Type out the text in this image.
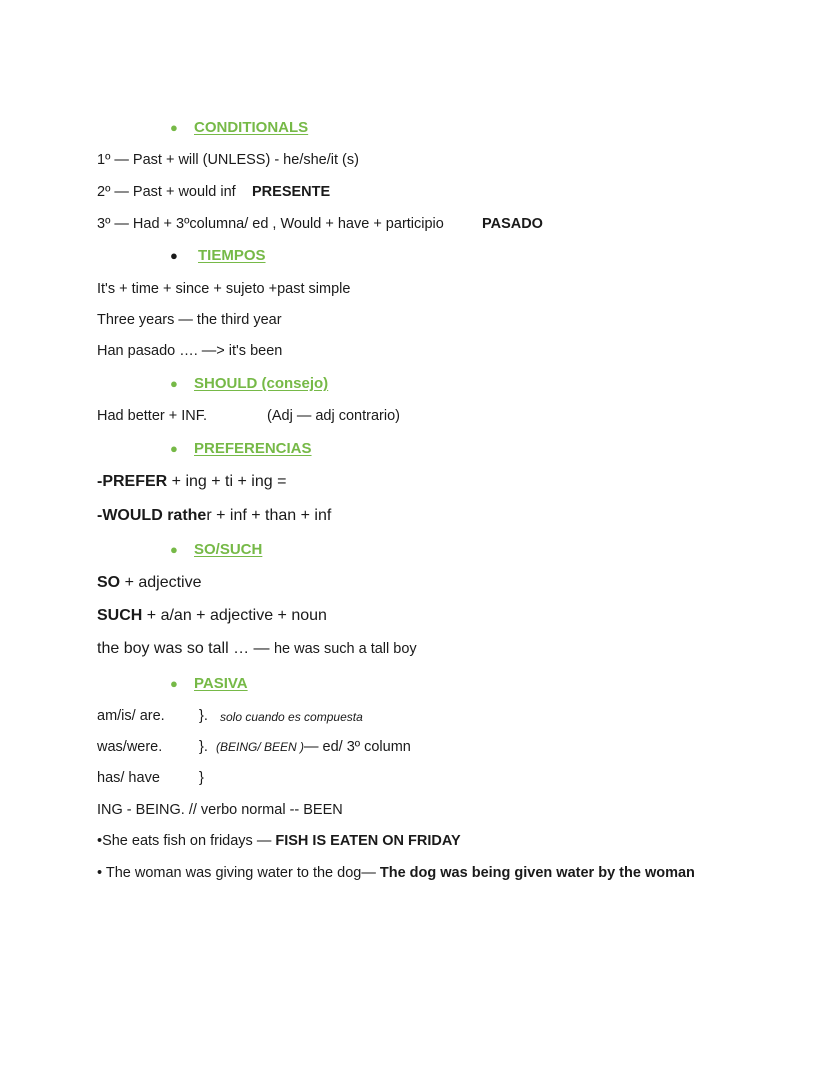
● CONDITIONALS
1º — Past + will (UNLESS) - he/she/it (s)
2º — Past + would inf PRESENTE
3º — Had + 3ºcolumna/ ed , Would + have + participio	PASADO
● TIEMPOS
It's + time + since + sujeto +past simple
Three years — the third year
Han pasado …. —> it's been
● SHOULD (consejo)
Had better + INF.	(Adj — adj contrario)
● PREFERENCIAS
-PREFER + ing + ti + ing =
-WOULD rather + inf + than + inf
● SO/SUCH
SO + adjective
SUCH + a/an + adjective + noun
the boy was so tall … — he was such a tall boy
● PASIVA
am/is/ are. }. solo cuando es compuesta
was/were.	}. (BEING/ BEEN )— ed/ 3º column
has/ have	}
ING - BEING. // verbo normal -- BEEN
•She eats fish on fridays — FISH IS EATEN ON FRIDAY
• The woman was giving water to the dog— The dog was being given water by the woman
